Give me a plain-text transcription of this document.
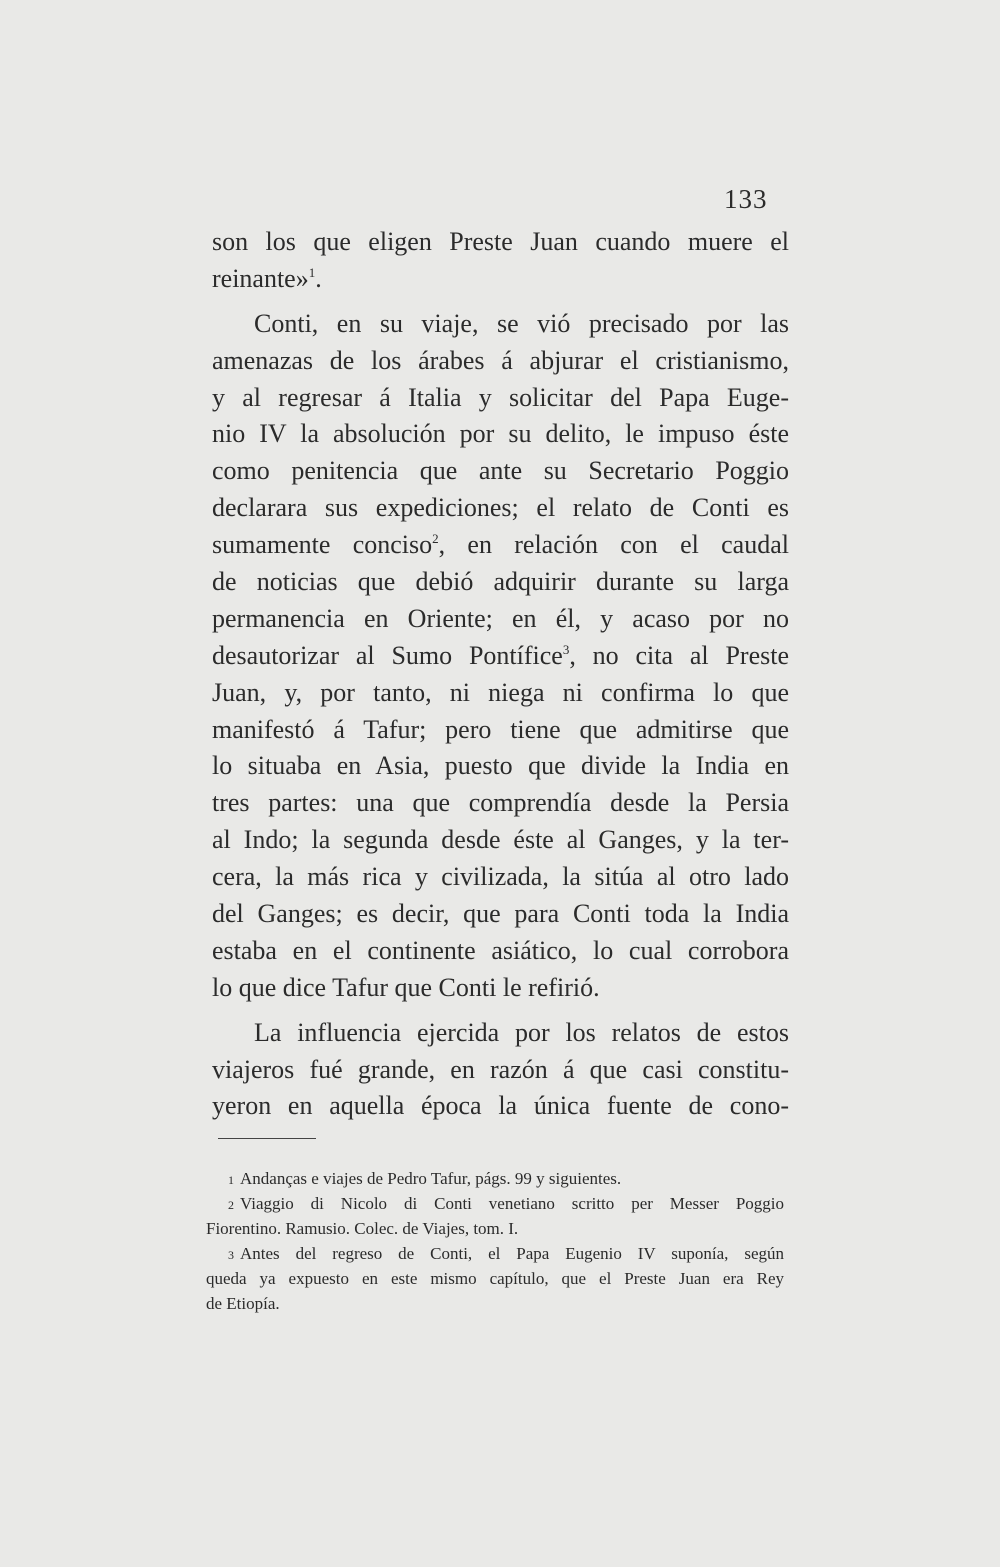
133
son los que eligen Preste Juan cuando muere el
reinante»$^1$.
Conti, en su viaje, se vió precisado por las
amenazas de los árabes á abjurar el cristianismo,
y al regresar á Italia y solicitar del Papa Euge-
nio IV la absolución por su delito, le impuso éste
como penitencia que ante su Secretario Poggio
declarara sus expediciones; el relato de Conti es
sumamente conciso$^2$, en relación con el caudal
de noticias que debió adquirir durante su larga
permanencia en Oriente; en él, y acaso por no
desautorizar al Sumo Pontífice$^3$, no cita al Preste
Juan, y, por tanto, ni niega ni confirma lo que
manifestó á Tafur; pero tiene que admitirse que
lo situaba en Asia, puesto que divide la India en
tres partes: una que comprendía desde la Persia
al Indo; la segunda desde éste al Ganges, y la ter-
cera, la más rica y civilizada, la sitúa al otro lado
del Ganges; es decir, que para Conti toda la India
estaba en el continente asiático, lo cual corrobora
lo que dice Tafur que Conti le refirió.
La influencia ejercida por los relatos de estos
viajeros fué grande, en razón á que casi constitu-
yeron en aquella época la única fuente de cono-
1 Andanças e viajes de Pedro Tafur, págs. 99 y siguientes.
2 Viaggio di Nicolo di Conti venetiano scritto per Messer Poggio
Fiorentino. Ramusio. Colec. de Viajes, tom. I.
3 Antes del regreso de Conti, el Papa Eugenio IV suponía, según
queda ya expuesto en este mismo capítulo, que el Preste Juan era Rey
de Etiopía.
